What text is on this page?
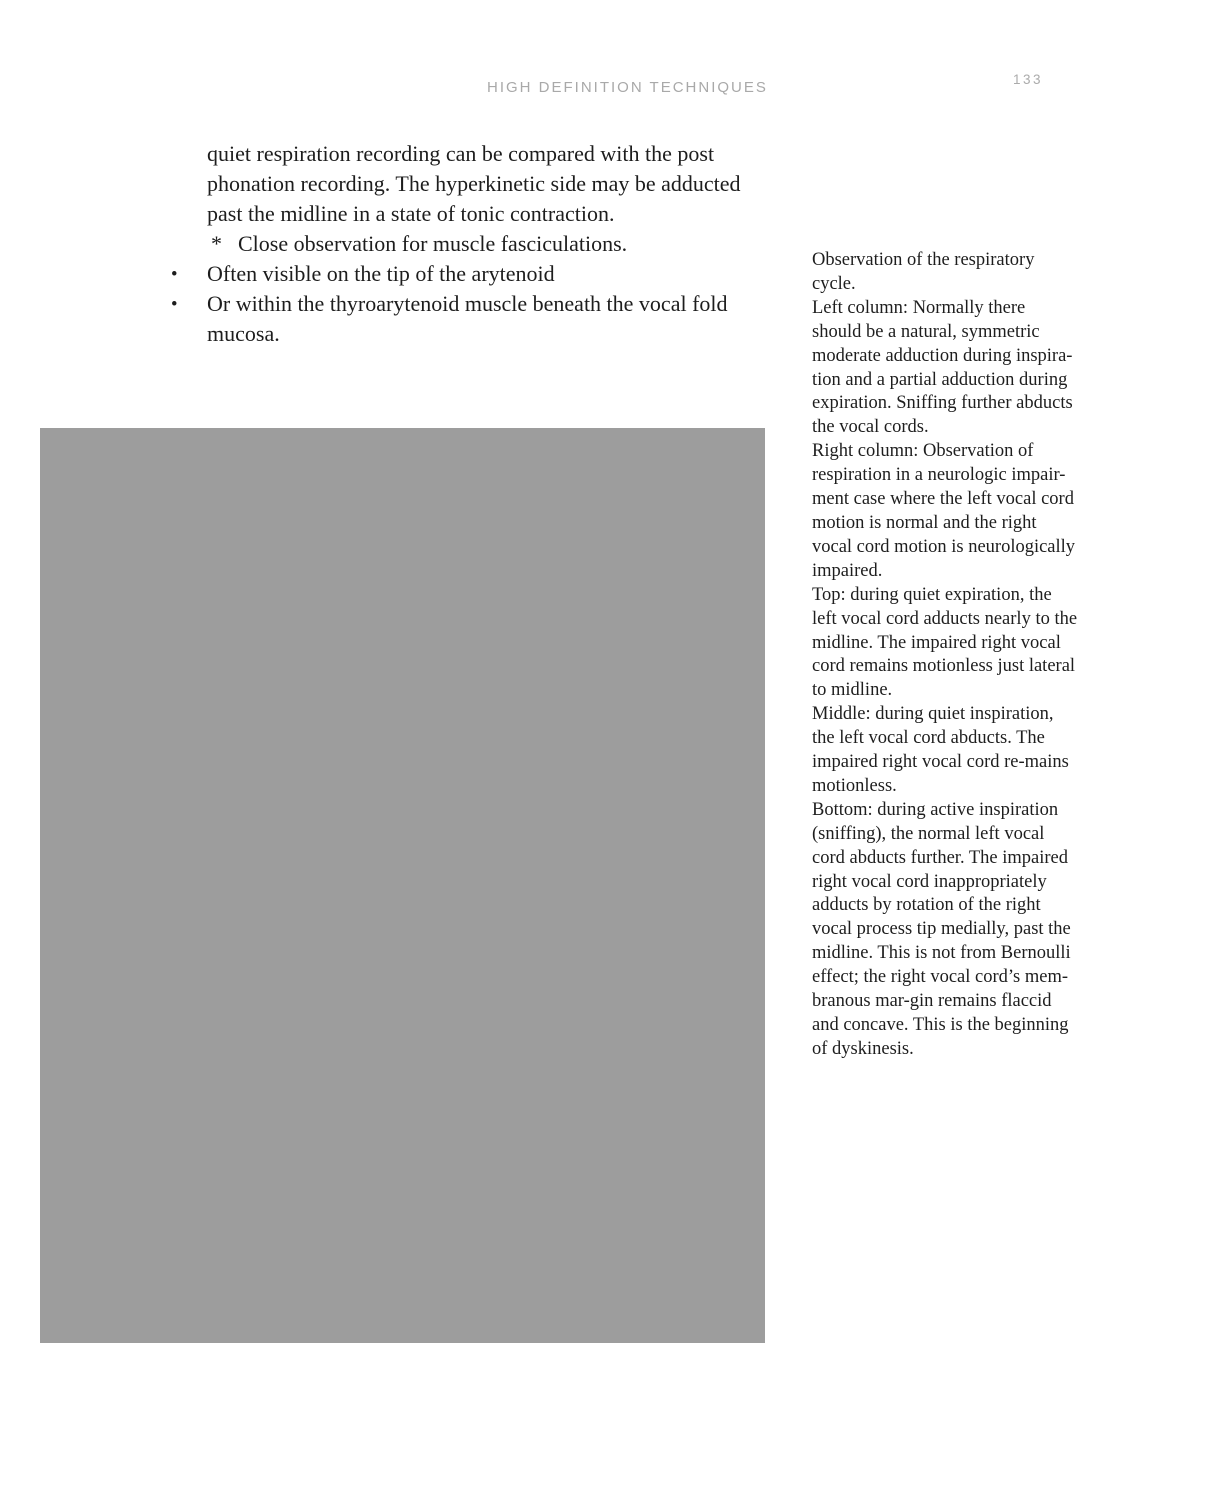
HIGH DEFINITION TECHNIQUES	133
quiet respiration recording can be compared with the post
phonation recording. The hyperkinetic side may be adducted
past the midline in a state of tonic contraction.
* Close observation for muscle fasciculations.
• Often visible on the tip of the arytenoid
• Or within the thyroarytenoid muscle beneath the vocal fold
mucosa.
Observation of the respiratory
cycle.
Left column: Normally there
should be a natural, symmetric
moderate adduction during inspira-
tion and a partial adduction during
expiration. Sniffing further abducts
the vocal cords.
Right column: Observation of
respiration in a neurologic impair-
ment case where the left vocal cord
motion is normal and the right
vocal cord motion is neurologically
impaired.
Top: during quiet expiration, the
left vocal cord adducts nearly to the
midline. The impaired right vocal
cord remains motionless just lateral
to midline.
Middle: during quiet inspiration,
the left vocal cord abducts. The
impaired right vocal cord re-mains
motionless.
Bottom: during active inspiration
(sniffing), the normal left vocal
cord abducts further. The impaired
right vocal cord inappropriately
adducts by rotation of the right
vocal process tip medially, past the
midline. This is not from Bernoulli
effect; the right vocal cord’s mem-
branous mar-gin remains flaccid
and concave. This is the beginning
of dyskinesis.
